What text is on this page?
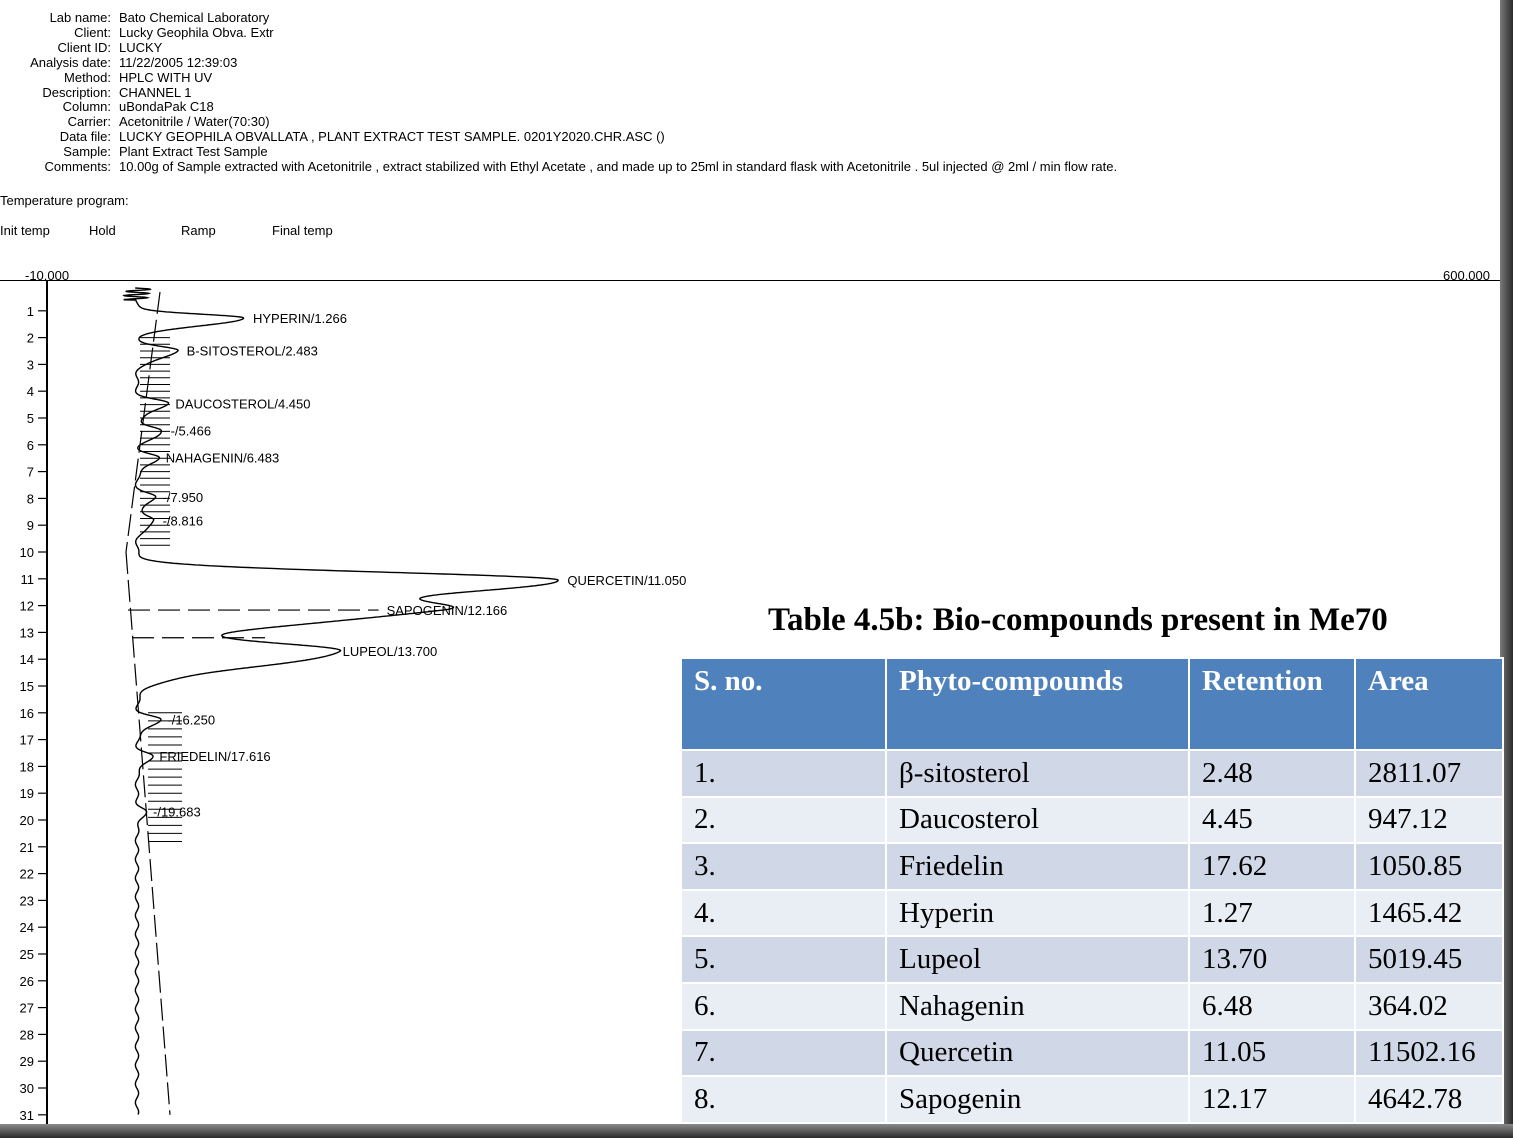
Lab name: Bato Chemical Laboratory
Client: Lucky Geophila Obva. Extr
Client ID: LUCKY
Analysis date: 11/22/2005 12:39:03
Method: HPLC WITH UV
Description: CHANNEL 1
Column: uBondaPak C18
Carrier: Acetonitrile / Water(70:30)
Data file: LUCKY GEOPHILA OBVALLATA , PLANT EXTRACT TEST SAMPLE. 0201Y2020.CHR.ASC ()
Sample: Plant Extract Test Sample
Comments: 10.00g of Sample extracted with Acetonitrile , extract stabilized with Ethyl Acetate , and made up to 25ml in standard flask with Acetonitrile . 5ul injected @ 2ml / min flow rate.
Temperature program:
Init temp	Hold	Ramp	Final temp
-10.000	600.000
1
2
3
4
5
6
7
8
9
10
11
12
13
14
15
16
17
18
19
20
21
22
23
24
25
26
27
28
29
30
31
HYPERIN/1.266
B-SITOSTEROL/2.483
DAUCOSTEROL/4.450
-/5.466
NAHAGENIN/6.483
-/7.950
-/8.816
QUERCETIN/11.050
SAPOGENIN/12.166
LUPEOL/13.700
-/16.250
FRIEDELIN/17.616
-/19.683
Table 4.5b: Bio-compounds present in Me70
S. no.	Phyto-compounds	Retention	Area
1.	β-sitosterol	2.48	2811.07
2.	Daucosterol	4.45	947.12
3.	Friedelin	17.62	1050.85
4.	Hyperin	1.27	1465.42
5.	Lupeol	13.70	5019.45
6.	Nahagenin	6.48	364.02
7.	Quercetin	11.05	11502.16
8.	Sapogenin	12.17	4642.78
